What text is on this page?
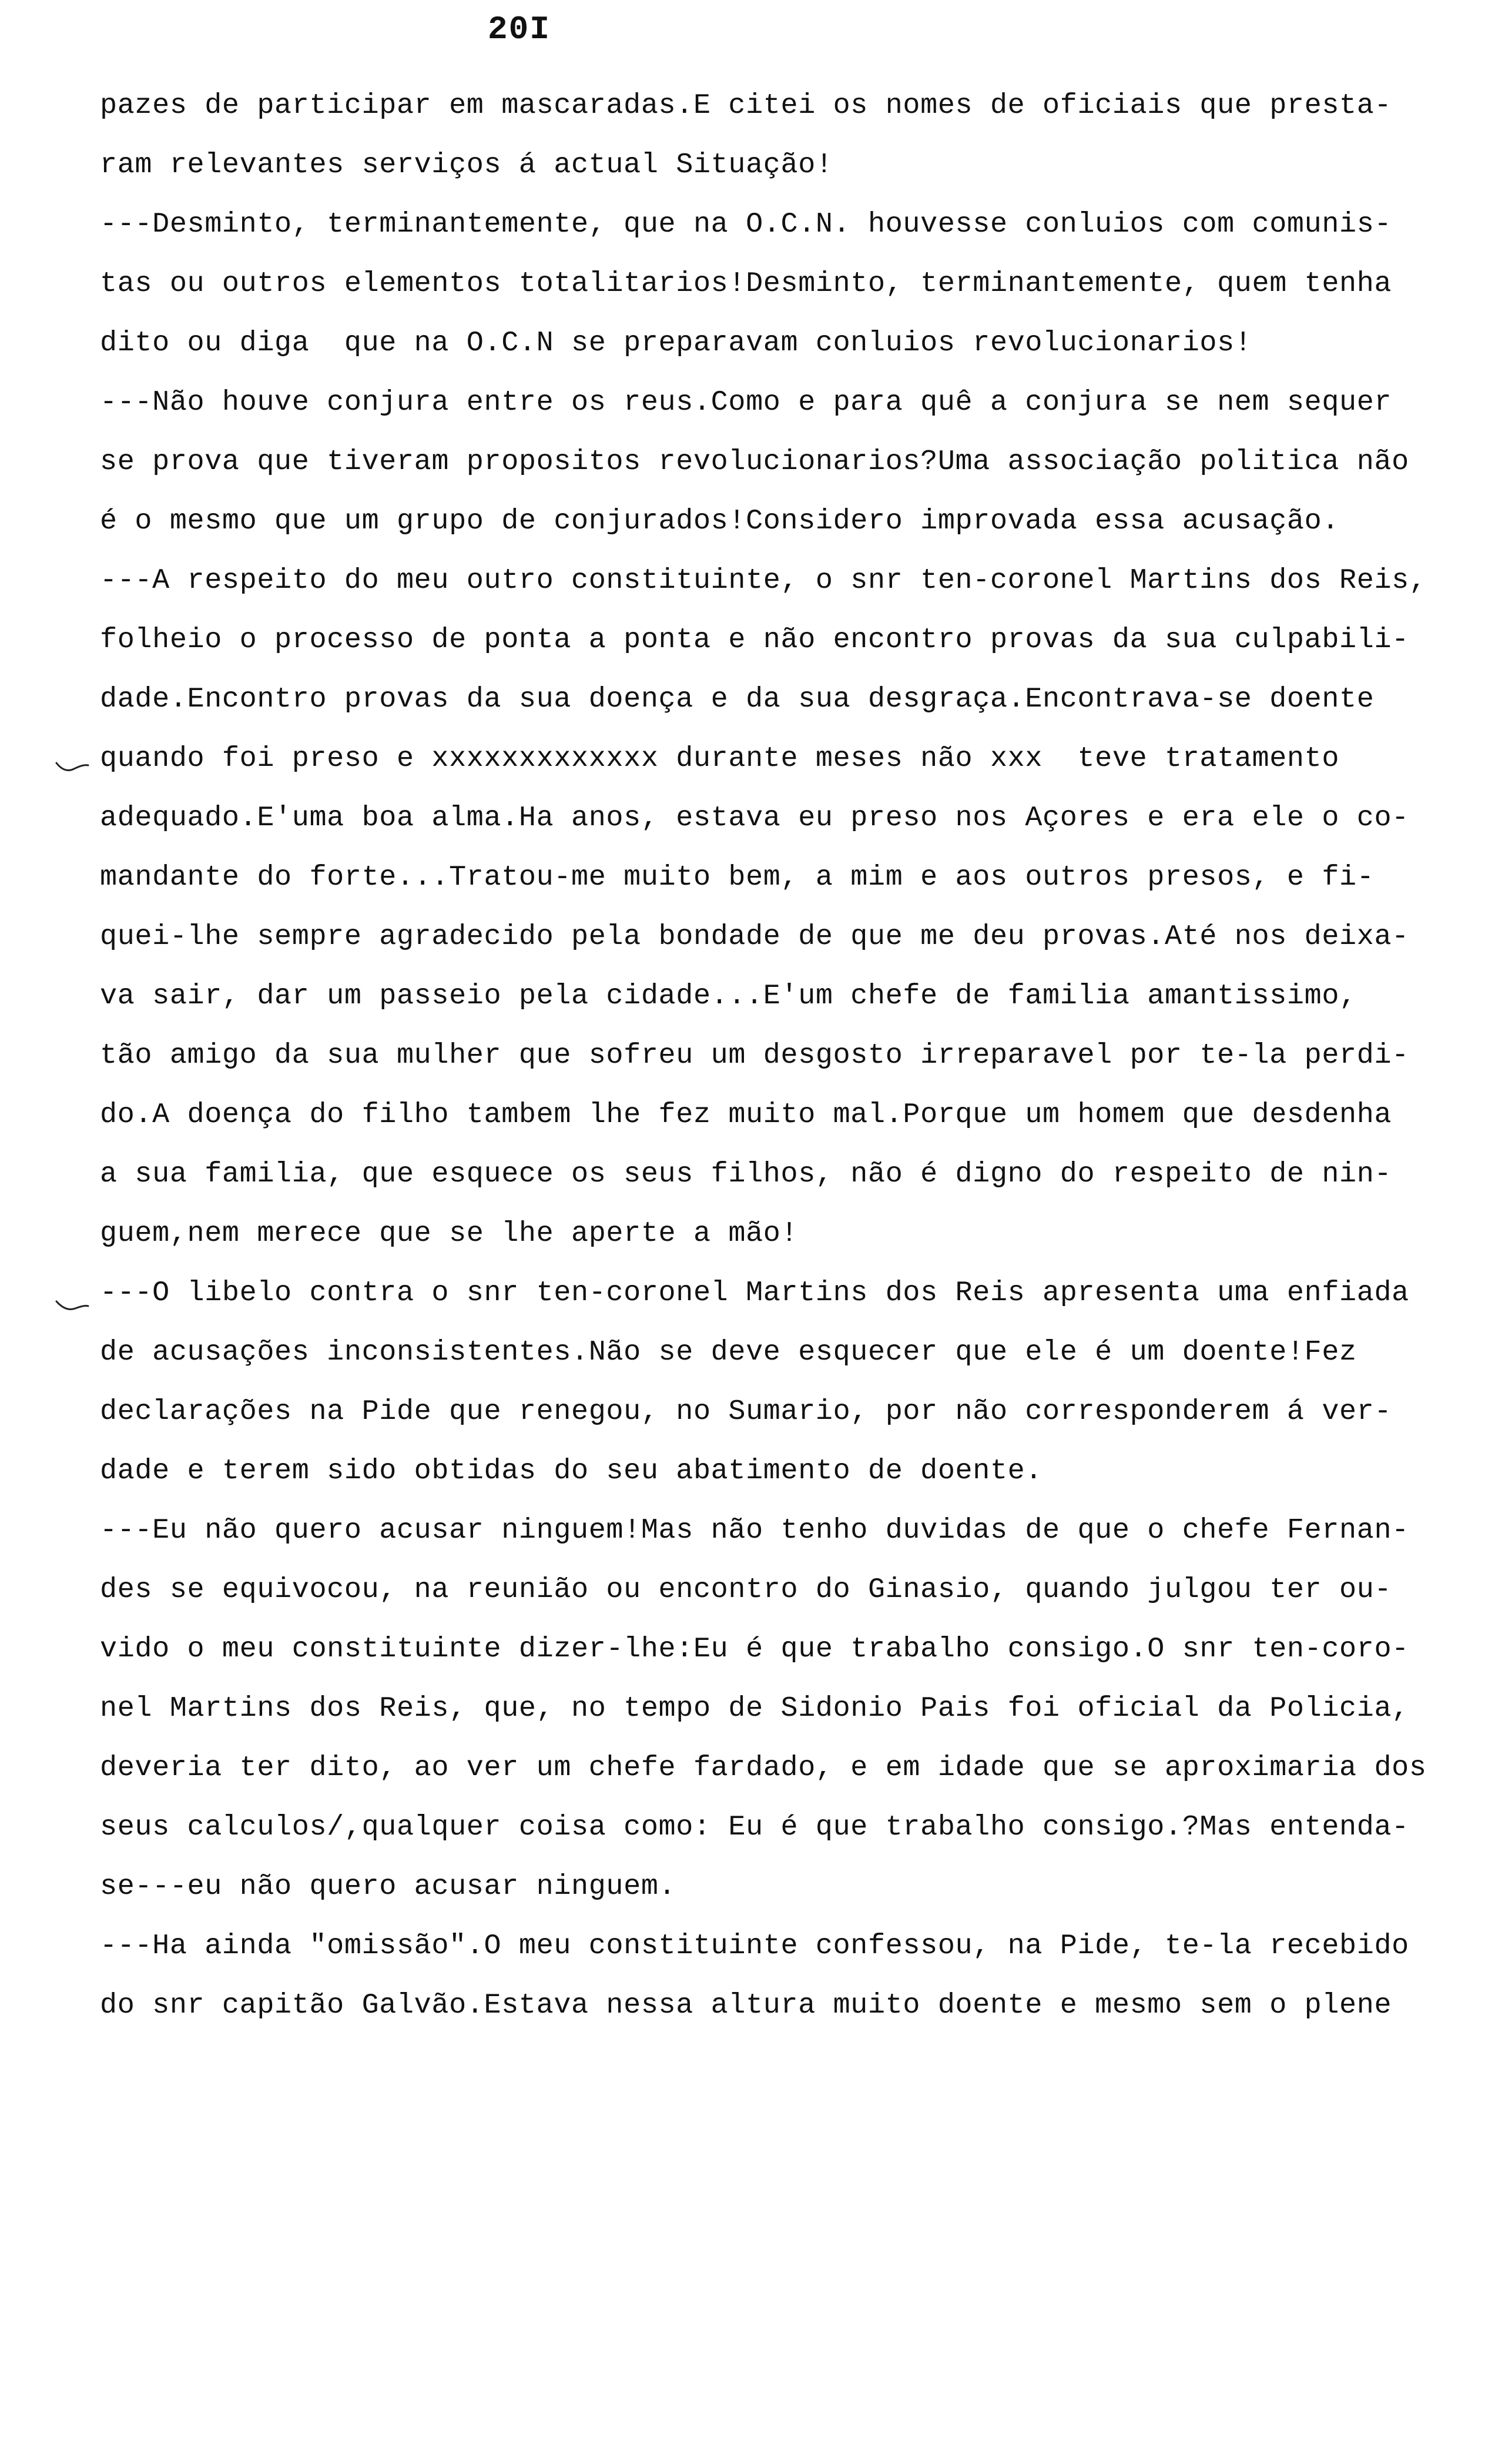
20I
pazes de participar em mascaradas.E citei os nomes de oficiais que presta-
ram relevantes serviços á actual Situação!
---Desminto, terminantemente, que na O.C.N. houvesse conluios com comunis-
tas ou outros elementos totalitarios!Desminto, terminantemente, quem tenha
dito ou diga  que na O.C.N se preparavam conluios revolucionarios!
---Não houve conjura entre os reus.Como e para quê a conjura se nem sequer
se prova que tiveram propositos revolucionarios?Uma associação politica não
é o mesmo que um grupo de conjurados!Considero improvada essa acusação.
---A respeito do meu outro constituinte, o snr ten-coronel Martins dos Reis,
folheio o processo de ponta a ponta e não encontro provas da sua culpabili-
dade.Encontro provas da sua doença e da sua desgraça.Encontrava-se doente
quando foi preso e xxxxxxxxxxxxx durante meses não xxx  teve tratamento
adequado.E'uma boa alma.Ha anos, estava eu preso nos Açores e era ele o co-
mandante do forte...Tratou-me muito bem, a mim e aos outros presos, e fi-
quei-lhe sempre agradecido pela bondade de que me deu provas.Até nos deixa-
va sair, dar um passeio pela cidade...E'um chefe de familia amantissimo,
tão amigo da sua mulher que sofreu um desgosto irreparavel por te-la perdi-
do.A doença do filho tambem lhe fez muito mal.Porque um homem que desdenha
a sua familia, que esquece os seus filhos, não é digno do respeito de nin-
guem,nem merece que se lhe aperte a mão!
---O libelo contra o snr ten-coronel Martins dos Reis apresenta uma enfiada
de acusações inconsistentes.Não se deve esquecer que ele é um doente!Fez
declarações na Pide que renegou, no Sumario, por não corresponderem á ver-
dade e terem sido obtidas do seu abatimento de doente.
---Eu não quero acusar ninguem!Mas não tenho duvidas de que o chefe Fernan-
des se equivocou, na reunião ou encontro do Ginasio, quando julgou ter ou-
vido o meu constituinte dizer-lhe:Eu é que trabalho consigo.O snr ten-coro-
nel Martins dos Reis, que, no tempo de Sidonio Pais foi oficial da Policia,
deveria ter dito, ao ver um chefe fardado, e em idade que se aproximaria dos
seus calculos/,qualquer coisa como: Eu é que trabalho consigo.?Mas entenda-
se---eu não quero acusar ninguem.
---Ha ainda "omissão".O meu constituinte confessou, na Pide, te-la recebido
do snr capitão Galvão.Estava nessa altura muito doente e mesmo sem o plene
